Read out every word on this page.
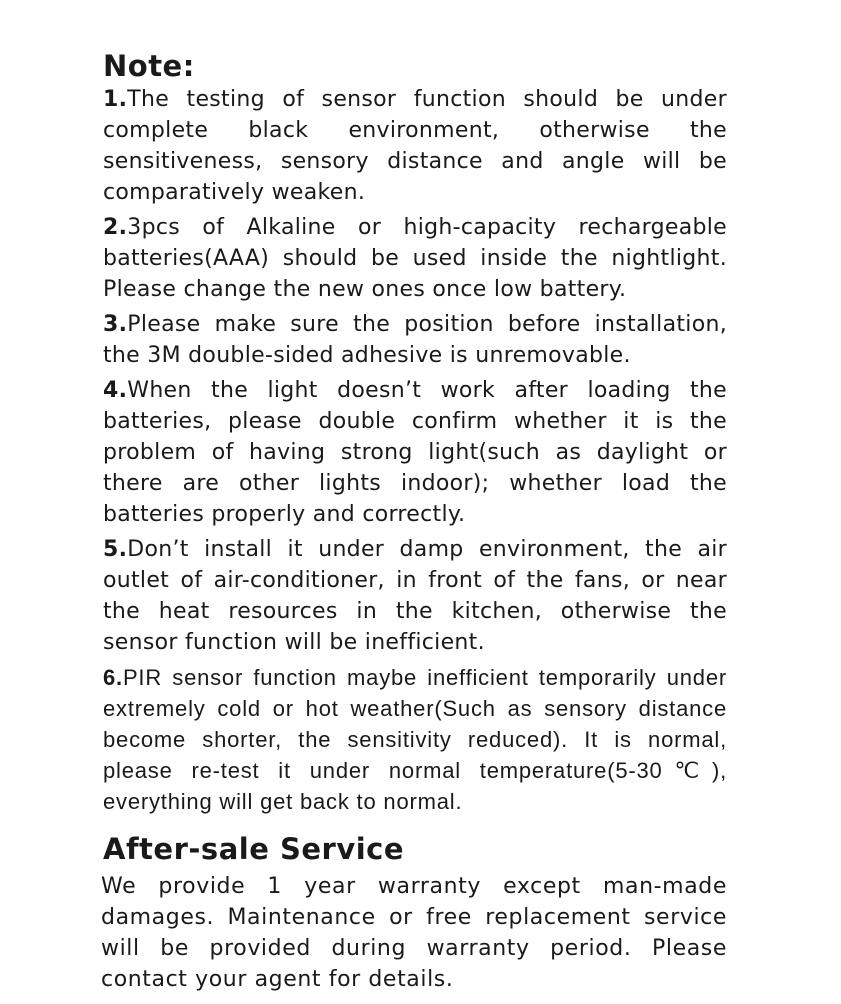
Note:
1.The testing of sensor function should be under complete black environment, otherwise the sensitiveness, sensory distance and angle will be comparatively weaken.
2.3pcs of Alkaline or high-capacity rechargeable batteries(AAA) should be used inside the nightlight. Please change the new ones once low battery.
3.Please make sure the position before installation, the 3M double-sided adhesive is unremovable.
4.When the light doesn’t work after loading the batteries, please double confirm whether it is the problem of having strong light(such as daylight or there are other lights indoor); whether load the batteries properly and correctly.
5.Don’t install it under damp environment, the air outlet of air-conditioner, in front of the fans, or near the heat resources in the kitchen, otherwise the sensor function will be inefficient.
6.PIR sensor function maybe inefficient temporarily under extremely cold or hot weather(Such as sensory distance become shorter, the sensitivity reduced). It is normal, please re-test it under normal temperature(5-30℃), everything will get back to normal.
After-sale Service

We provide 1 year warranty except man-made damages. Maintenance or free replacement service will be provided during warranty period. Please contact your agent for details.
